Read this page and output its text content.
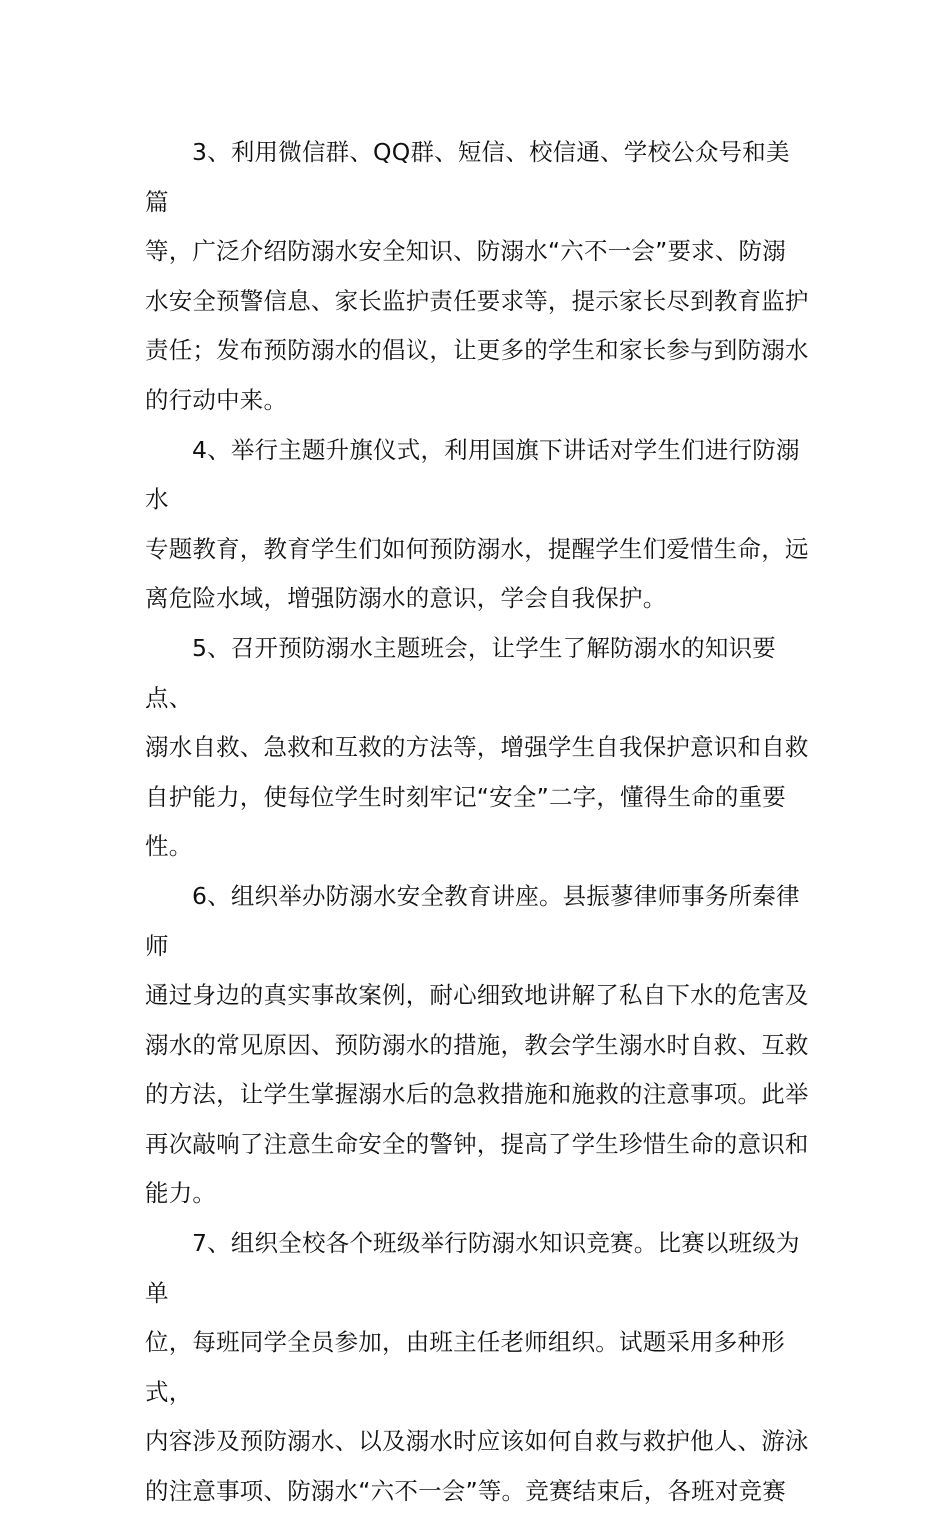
3、利用微信群、QQ群、短信、校信通、学校公众号和美篇
等，广泛介绍防溺水安全知识、防溺水“六不一会”要求、防溺
水安全预警信息、家长监护责任要求等，提示家长尽到教育监护
责任；发布预防溺水的倡议，让更多的学生和家长参与到防溺水
的行动中来。

4、举行主题升旗仪式，利用国旗下讲话对学生们进行防溺水
专题教育，教育学生们如何预防溺水，提醒学生们爱惜生命，远
离危险水域，增强防溺水的意识，学会自我保护。

5、召开预防溺水主题班会，让学生了解防溺水的知识要点、
溺水自救、急救和互救的方法等，增强学生自我保护意识和自救
自护能力，使每位学生时刻牢记“安全”二字，懂得生命的重要
性。

6、组织举办防溺水安全教育讲座。县振蓼律师事务所秦律师
通过身边的真实事故案例，耐心细致地讲解了私自下水的危害及
溺水的常见原因、预防溺水的措施，教会学生溺水时自救、互救
的方法，让学生掌握溺水后的急救措施和施救的注意事项。此举
再次敲响了注意生命安全的警钟，提高了学生珍惜生命的意识和
能力。

7、组织全校各个班级举行防溺水知识竞赛。比赛以班级为单
位，每班同学全员参加，由班主任老师组织。试题采用多种形式，
内容涉及预防溺水、以及溺水时应该如何自救与救护他人、游泳
的注意事项、防溺水“六不一会”等。竞赛结束后，各班对竞赛
